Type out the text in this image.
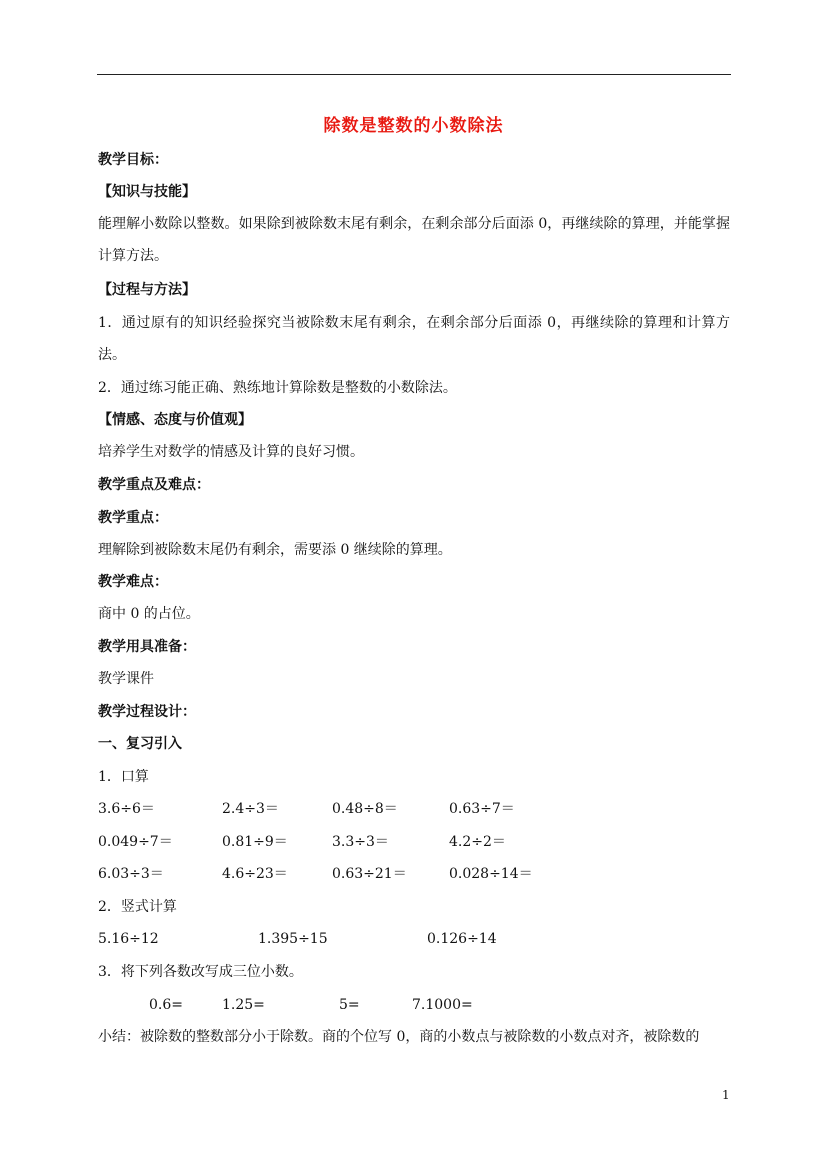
除数是整数的小数除法
教学目标：
【知识与技能】
能理解小数除以整数。如果除到被除数末尾有剩余，在剩余部分后面添 0，再继续除的算理，并能掌握计算方法。
【过程与方法】
1．通过原有的知识经验探究当被除数末尾有剩余，在剩余部分后面添 0，再继续除的算理和计算方法。
2．通过练习能正确、熟练地计算除数是整数的小数除法。
【情感、态度与价值观】
培养学生对数学的情感及计算的良好习惯。
教学重点及难点：
教学重点：
理解除到被除数末尾仍有剩余，需要添 0 继续除的算理。
教学难点：
商中 0 的占位。
教学用具准备：
教学课件
教学过程设计：
一、复习引入
1．口算
3.6÷6＝	2.4÷3＝	0.48÷8＝	0.63÷7＝
0.049÷7＝	0.81÷9＝	3.3÷3＝	4.2÷2＝
6.03÷3＝	4.6÷23＝	0.63÷21＝	0.028÷14＝
2．竖式计算
5.16÷12	1.395÷15	0.126÷14
3．将下列各数改写成三位小数。
0.6=	1.25=	5=	7.1000=
小结：被除数的整数部分小于除数。商的个位写 0，商的小数点与被除数的小数点对齐，被除数的
1
